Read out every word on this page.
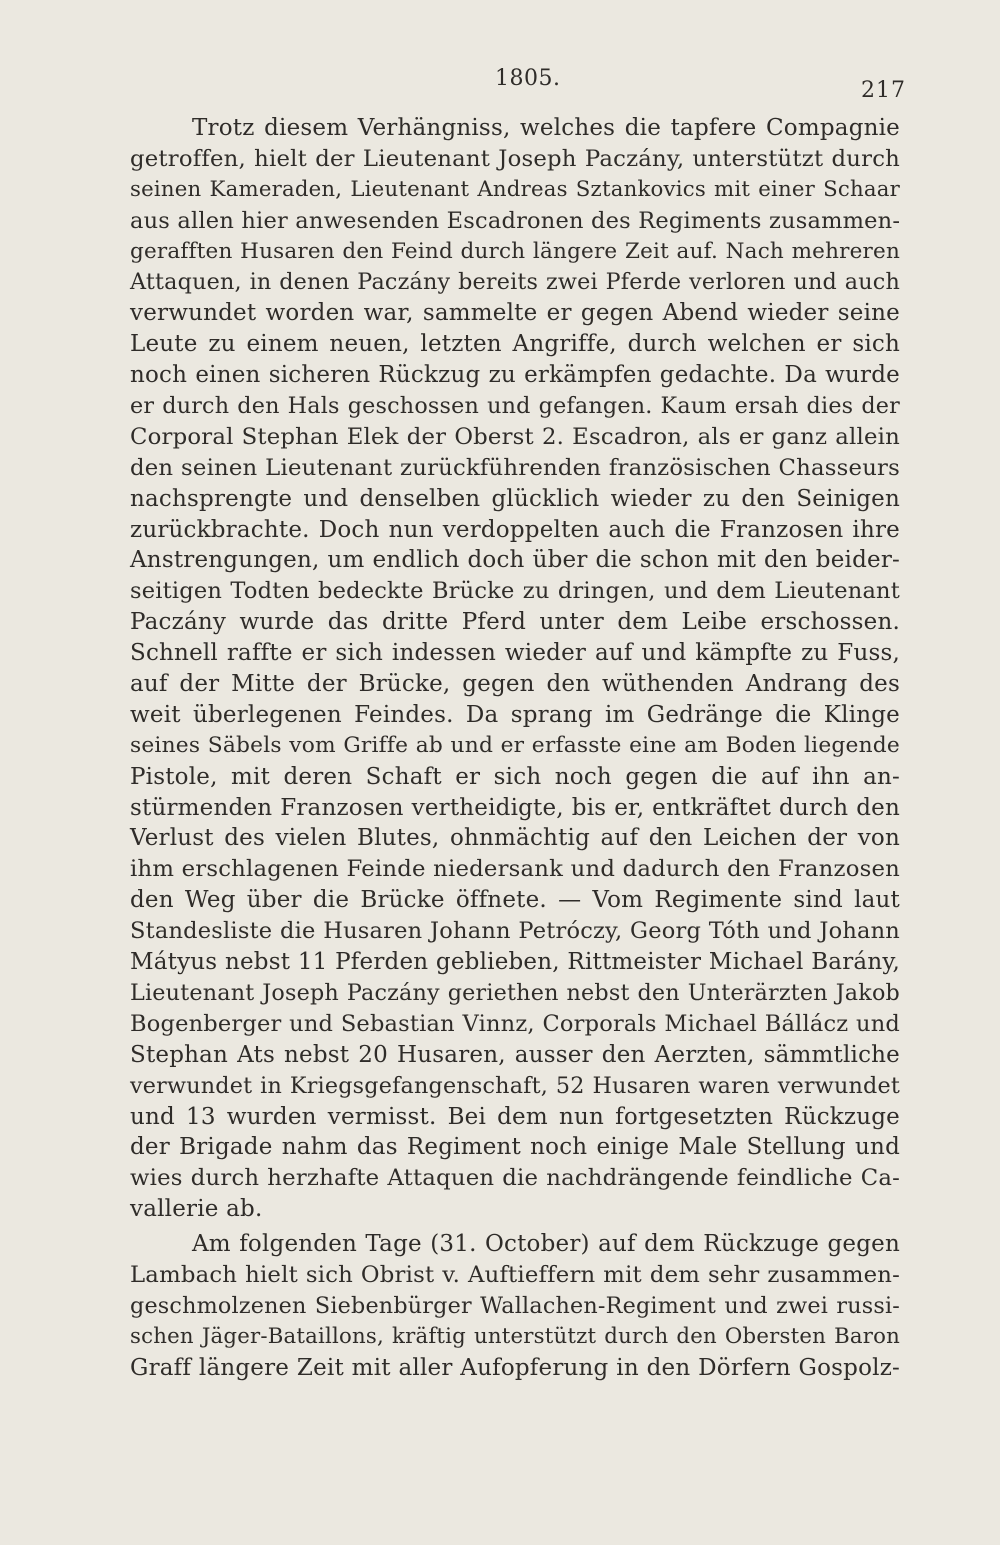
1805.	217
Trotz diesem Verhängniss, welches die tapfere Compagnie
getroffen, hielt der Lieutenant Joseph Paczány, unterstützt durch
seinen Kameraden, Lieutenant Andreas Sztankovics mit einer Schaar
aus allen hier anwesenden Escadronen des Regiments zusammen-
gerafften Husaren den Feind durch längere Zeit auf. Nach mehreren
Attaquen, in denen Paczány bereits zwei Pferde verloren und auch
verwundet worden war, sammelte er gegen Abend wieder seine
Leute zu einem neuen, letzten Angriffe, durch welchen er sich
noch einen sicheren Rückzug zu erkämpfen gedachte. Da wurde
er durch den Hals geschossen und gefangen. Kaum ersah dies der
Corporal Stephan Elek der Oberst 2. Escadron, als er ganz allein
den seinen Lieutenant zurückführenden französischen Chasseurs
nachsprengte und denselben glücklich wieder zu den Seinigen
zurückbrachte. Doch nun verdoppelten auch die Franzosen ihre
Anstrengungen, um endlich doch über die schon mit den beider-
seitigen Todten bedeckte Brücke zu dringen, und dem Lieutenant
Paczány wurde das dritte Pferd unter dem Leibe erschossen.
Schnell raffte er sich indessen wieder auf und kämpfte zu Fuss,
auf der Mitte der Brücke, gegen den wüthenden Andrang des
weit überlegenen Feindes. Da sprang im Gedränge die Klinge
seines Säbels vom Griffe ab und er erfasste eine am Boden liegende
Pistole, mit deren Schaft er sich noch gegen die auf ihn an-
stürmenden Franzosen vertheidigte, bis er, entkräftet durch den
Verlust des vielen Blutes, ohnmächtig auf den Leichen der von
ihm erschlagenen Feinde niedersank und dadurch den Franzosen
den Weg über die Brücke öffnete. — Vom Regimente sind laut
Standesliste die Husaren Johann Petróczy, Georg Tóth und Johann
Mátyus nebst 11 Pferden geblieben, Rittmeister Michael Barány,
Lieutenant Joseph Paczány geriethen nebst den Unterärzten Jakob
Bogenberger und Sebastian Vinnz, Corporals Michael Bállácz und
Stephan Ats nebst 20 Husaren, ausser den Aerzten, sämmtliche
verwundet in Kriegsgefangenschaft, 52 Husaren waren verwundet
und 13 wurden vermisst. Bei dem nun fortgesetzten Rückzuge
der Brigade nahm das Regiment noch einige Male Stellung und
wies durch herzhafte Attaquen die nachdrängende feindliche Ca-
vallerie ab.
Am folgenden Tage (31. October) auf dem Rückzuge gegen
Lambach hielt sich Obrist v. Auftieffern mit dem sehr zusammen-
geschmolzenen Siebenbürger Wallachen-Regiment und zwei russi-
schen Jäger-Bataillons, kräftig unterstützt durch den Obersten Baron
Graff längere Zeit mit aller Aufopferung in den Dörfern Gospolz-
